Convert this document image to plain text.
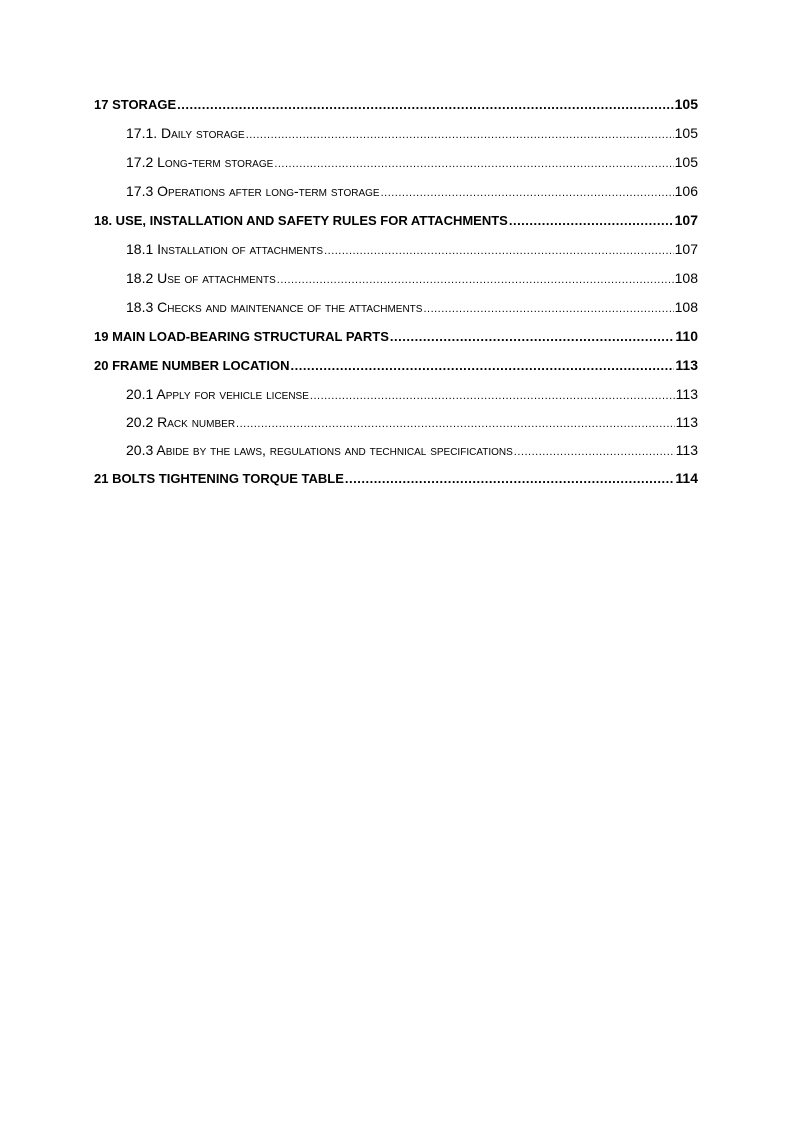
17 STORAGE .....	105
17.1. Daily storage .....	105
17.2 Long-term storage .....	105
17.3 Operations after long-term storage .....	106
18. USE, INSTALLATION AND SAFETY RULES FOR ATTACHMENTS .....	107
18.1 Installation of attachments .....	107
18.2 Use of attachments .....	108
18.3 Checks and maintenance of the attachments .....	108
19 MAIN LOAD-BEARING STRUCTURAL PARTS .....	110
20 FRAME NUMBER LOCATION .....	113
20.1 Apply for vehicle license .....	113
20.2 Rack number .....	113
20.3 Abide by the laws, regulations and technical specifications .....	113
21 BOLTS TIGHTENING TORQUE TABLE .....	114
